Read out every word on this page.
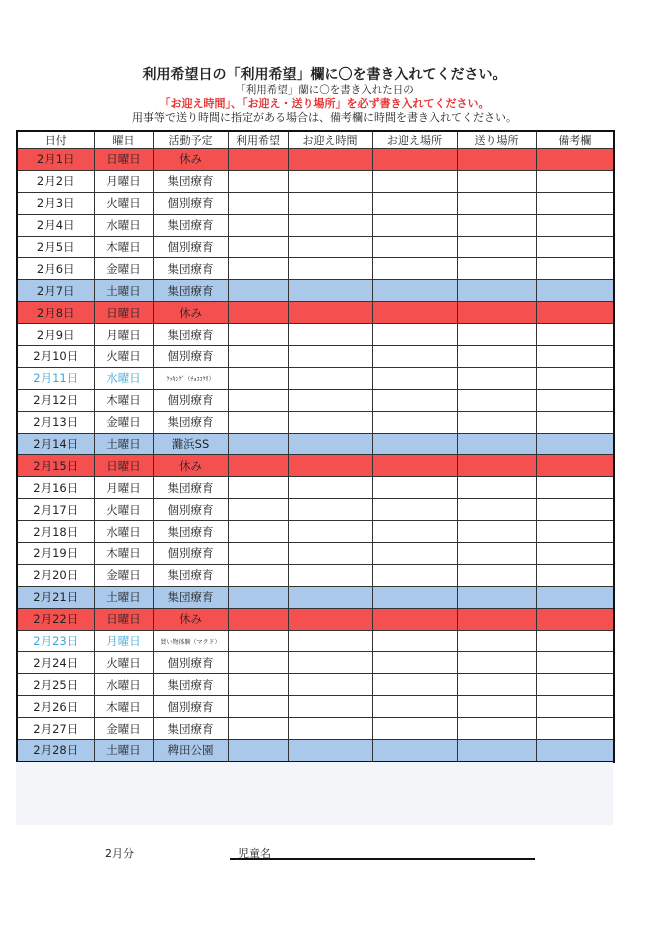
利用希望日の「利用希望」欄に〇を書き入れてください。
「利用希望」蘭に〇を書き入れた日の
「お迎え時間」、「お迎え・送り場所」を必ず書き入れてください。
用事等で送り時間に指定がある場合は、備考欄に時間を書き入れてください。
日付	曜日	活動予定	利用希望	お迎え時間	お迎え場所	送り場所	備考欄
2月1日	日曜日	休み					
2月2日	月曜日	集団療育					
2月3日	火曜日	個別療育					
2月4日	水曜日	集団療育					
2月5日	木曜日	個別療育					
2月6日	金曜日	集団療育					
2月7日	土曜日	集団療育					
2月8日	日曜日	休み					
2月9日	月曜日	集団療育					
2月10日	火曜日	個別療育					
2月11日	水曜日	ｸｯｷﾝｸﾞ（ﾁｮｺｺｸﾘ）					
2月12日	木曜日	個別療育					
2月13日	金曜日	集団療育					
2月14日	土曜日	灘浜SS					
2月15日	日曜日	休み					
2月16日	月曜日	集団療育					
2月17日	火曜日	個別療育					
2月18日	水曜日	集団療育					
2月19日	木曜日	個別療育					
2月20日	金曜日	集団療育					
2月21日	土曜日	集団療育					
2月22日	日曜日	休み					
2月23日	月曜日	買い物体験（マクド）					
2月24日	火曜日	個別療育					
2月25日	水曜日	集団療育					
2月26日	木曜日	個別療育					
2月27日	金曜日	集団療育					
2月28日	土曜日	稗田公園					
2月分	児童名
